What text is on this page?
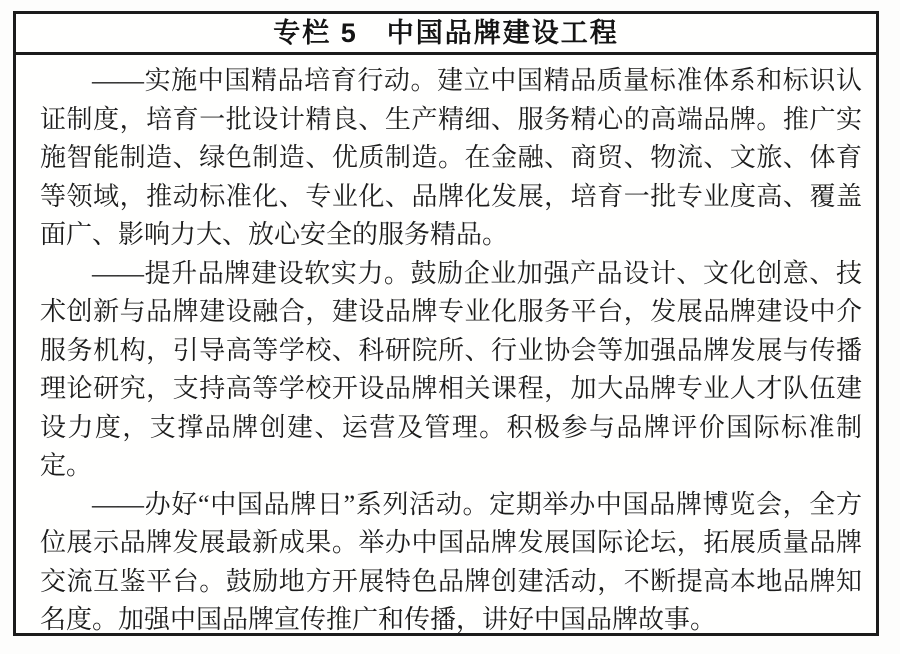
专栏 5　中国品牌建设工程

——实施中国精品培育行动。建立中国精品质量标准体系和标识认证制度，培育一批设计精良、生产精细、服务精心的高端品牌。推广实施智能制造、绿色制造、优质制造。在金融、商贸、物流、文旅、体育等领域，推动标准化、专业化、品牌化发展，培育一批专业度高、覆盖面广、影响力大、放心安全的服务精品。

——提升品牌建设软实力。鼓励企业加强产品设计、文化创意、技术创新与品牌建设融合，建设品牌专业化服务平台，发展品牌建设中介服务机构，引导高等学校、科研院所、行业协会等加强品牌发展与传播理论研究，支持高等学校开设品牌相关课程，加大品牌专业人才队伍建设力度，支撑品牌创建、运营及管理。积极参与品牌评价国际标准制定。

——办好“中国品牌日”系列活动。定期举办中国品牌博览会，全方位展示品牌发展最新成果。举办中国品牌发展国际论坛，拓展质量品牌交流互鉴平台。鼓励地方开展特色品牌创建活动，不断提高本地品牌知名度。加强中国品牌宣传推广和传播，讲好中国品牌故事。
